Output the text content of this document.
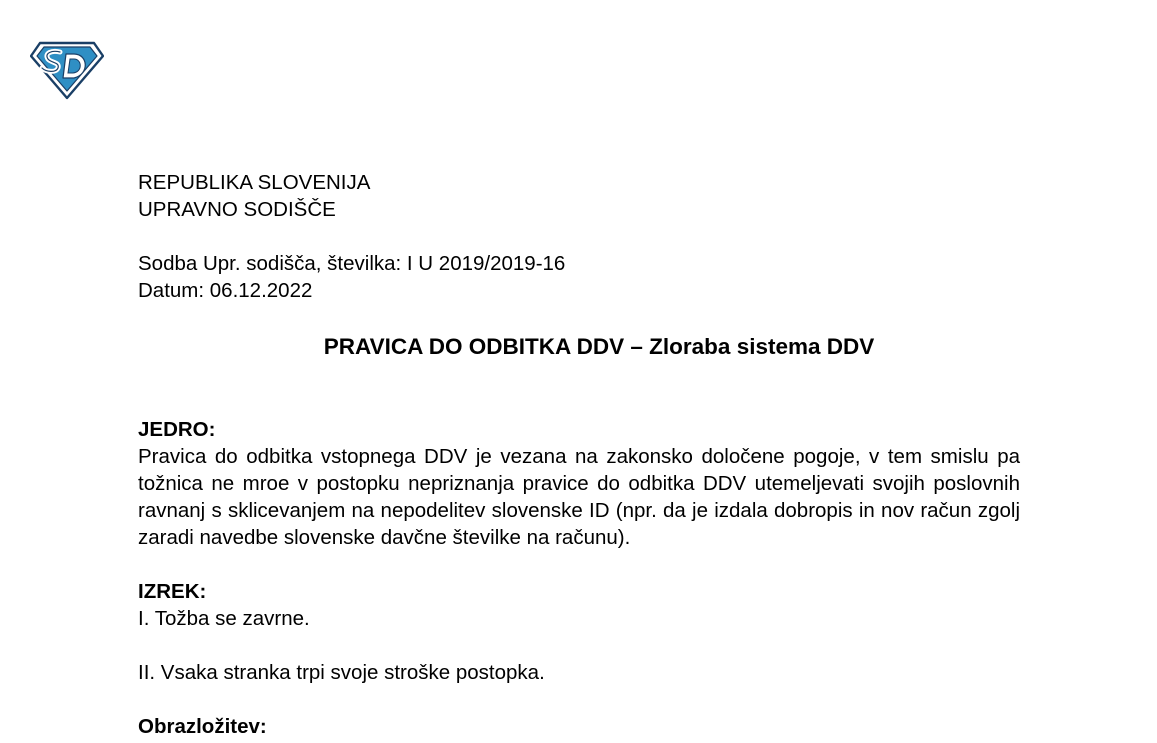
REPUBLIKA SLOVENIJA
UPRAVNO SODIŠČE
Sodba Upr. sodišča, številka: I U 2019/2019-16
Datum: 06.12.2022
PRAVICA DO ODBITKA DDV – Zloraba sistema DDV
JEDRO:
Pravica do odbitka vstopnega DDV je vezana na zakonsko določene pogoje, v tem smislu pa tožnica ne mroe v postopku nepriznanja pravice do odbitka DDV utemeljevati svojih poslovnih ravnanj s sklicevanjem na nepodelitev slovenske ID (npr. da je izdala dobropis in nov račun zgolj zaradi navedbe slovenske davčne številke na računu).
IZREK:
I. Tožba se zavrne.
II. Vsaka stranka trpi svoje stroške postopka.
Obrazložitev:
